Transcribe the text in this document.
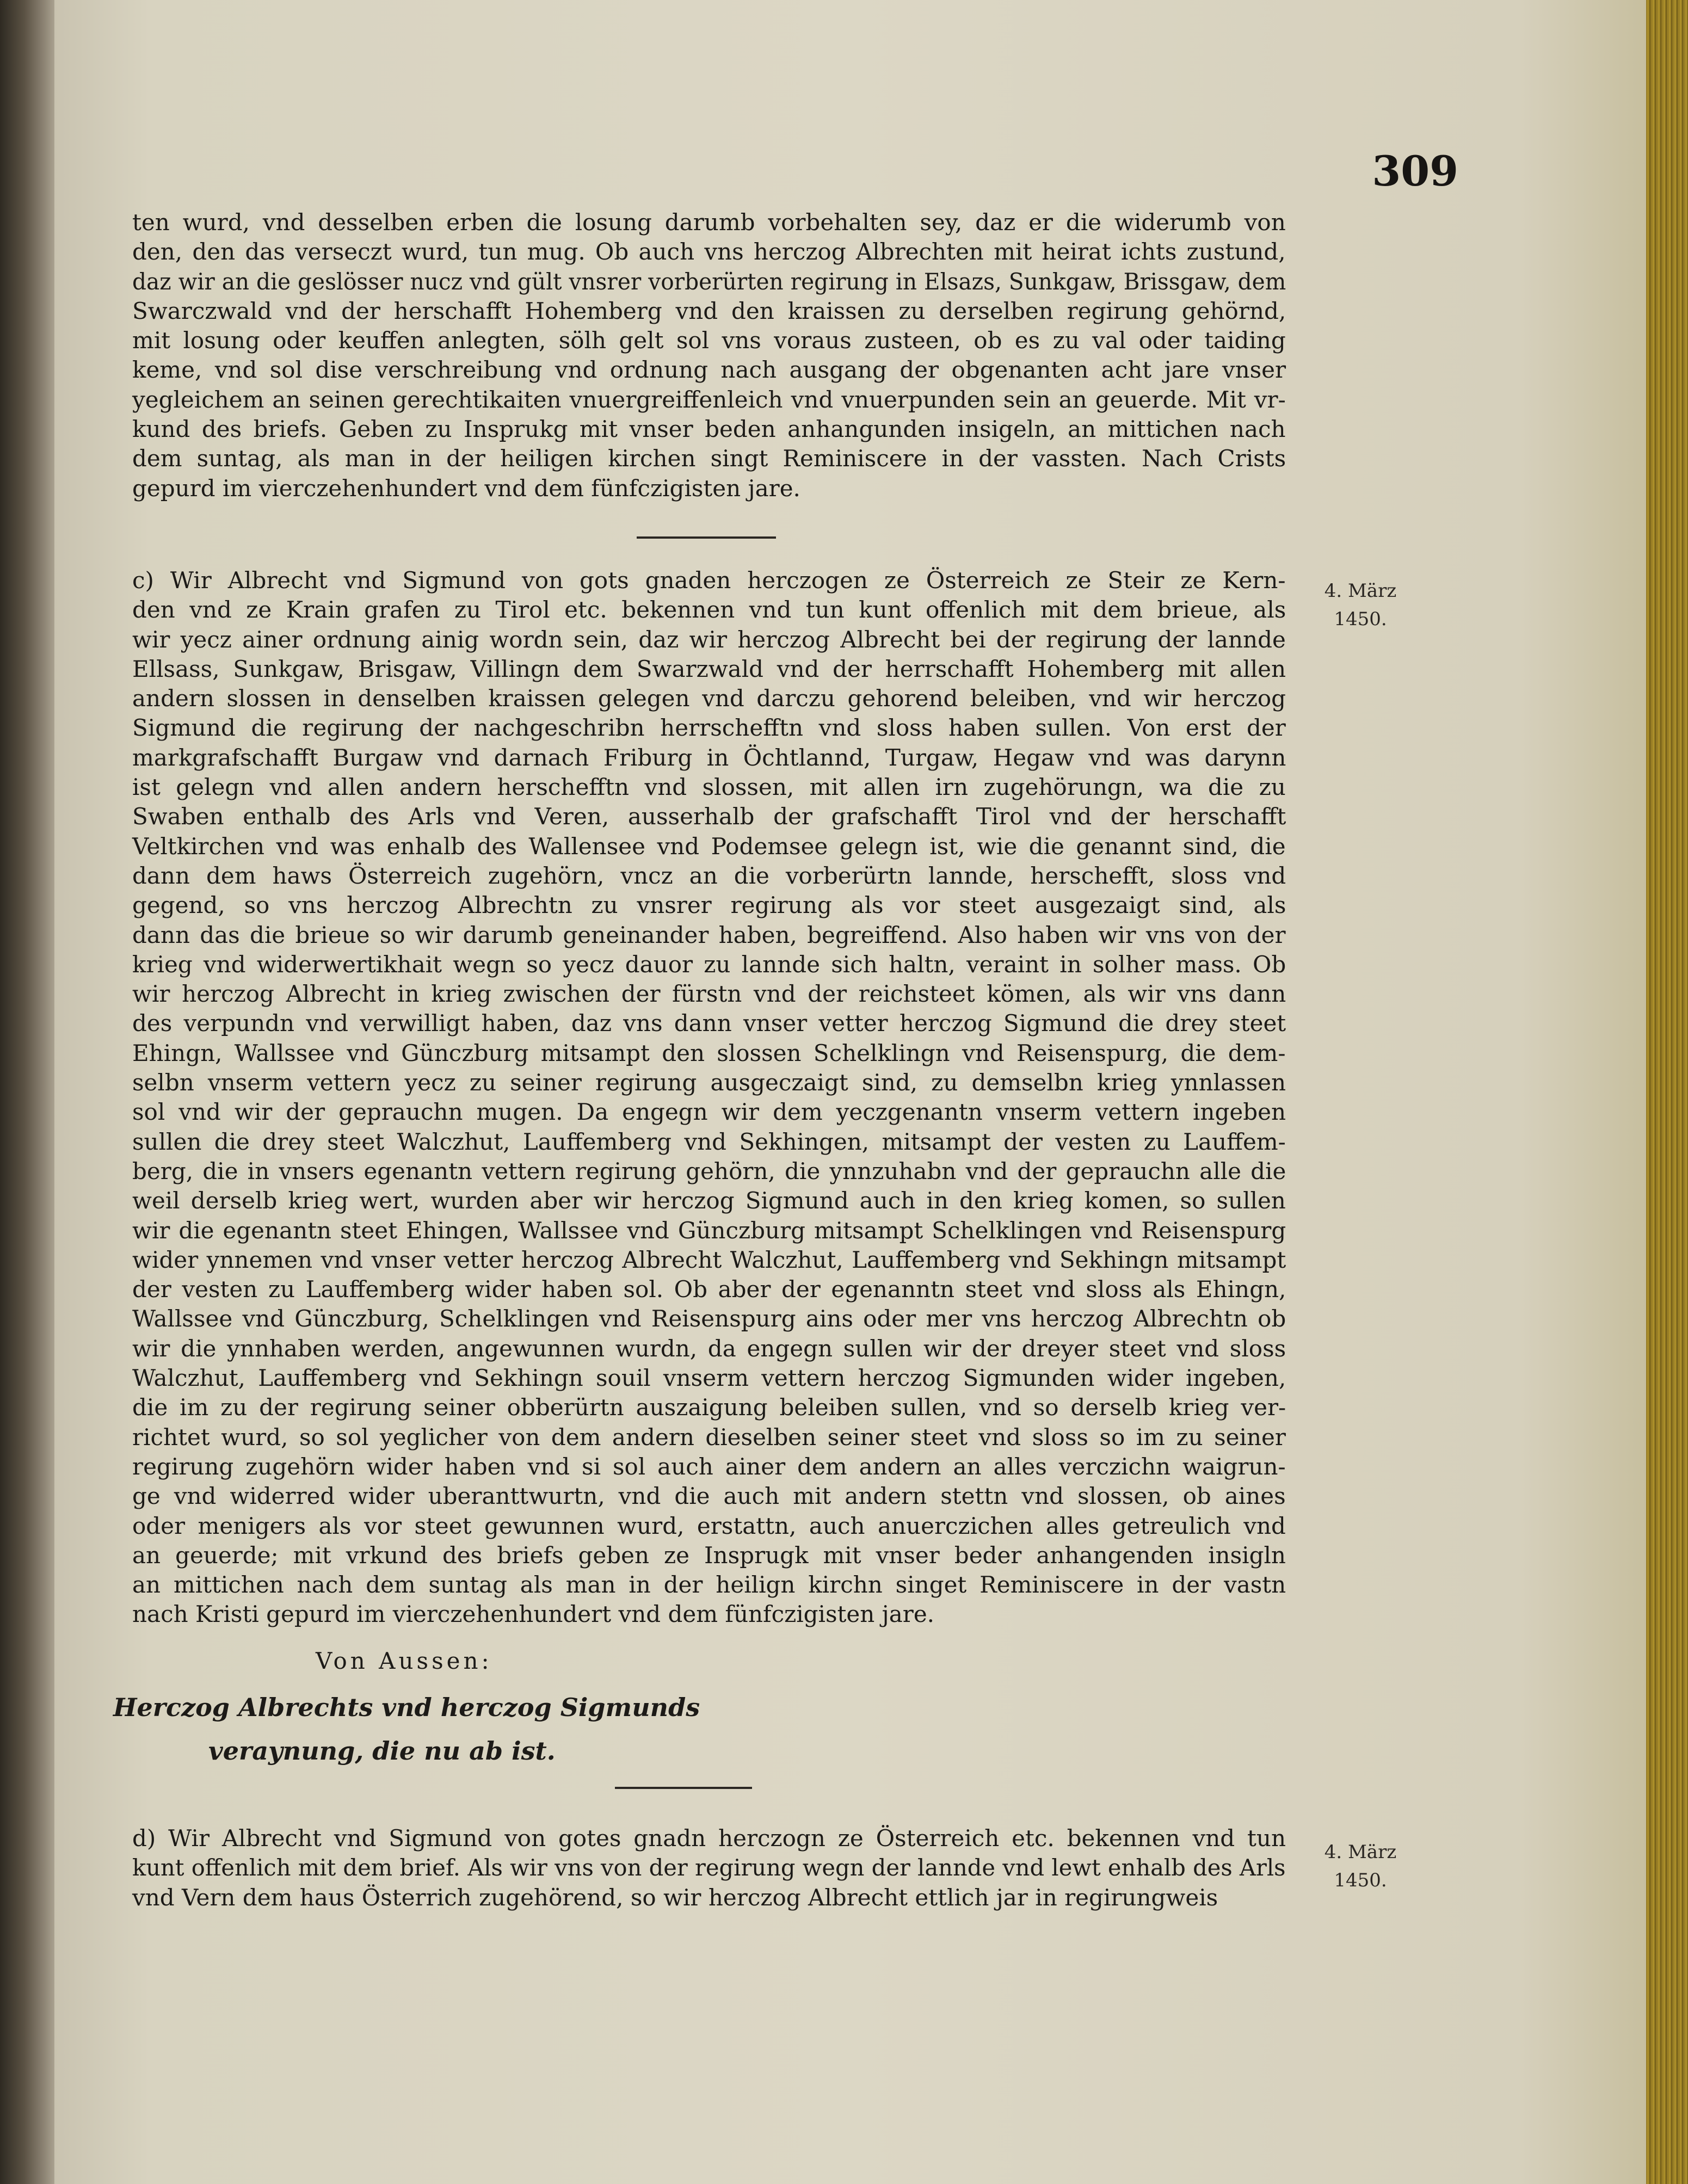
309
ten wurd, vnd desselben erben die losung darumb vorbehalten sey, daz er die widerumb von
den, den das verseczt wurd, tun mug. Ob auch vns herczog Albrechten mit heirat ichts zustund,
daz wir an die geslösser nucz vnd gült vnsrer vorberürten regirung in Elsazs, Sunkgaw, Brissgaw, dem
Swarczwald vnd der herschafft Hohemberg vnd den kraissen zu derselben regirung gehörnd,
mit losung oder keuffen anlegten, sölh gelt sol vns voraus zusteen, ob es zu val oder taiding
keme, vnd sol dise verschreibung vnd ordnung nach ausgang der obgenanten acht jare vnser
yegleichem an seinen gerechtikaiten vnuergreiffenleich vnd vnuerpunden sein an geuerde. Mit vr-
kund des briefs. Geben zu Insprukg mit vnser beden anhangunden insigeln, an mittichen nach
dem suntag, als man in der heiligen kirchen singt Reminiscere in der vassten. Nach Crists
gepurd im vierczehenhundert vnd dem fünfczigisten jare.
c) Wir Albrecht vnd Sigmund von gots gnaden herczogen ze Österreich ze Steir ze Kern-
den vnd ze Krain grafen zu Tirol etc. bekennen vnd tun kunt offenlich mit dem brieue, als
wir yecz ainer ordnung ainig wordn sein, daz wir herczog Albrecht bei der regirung der lannde
Ellsass, Sunkgaw, Brisgaw, Villingn dem Swarzwald vnd der herrschafft Hohemberg mit allen
andern slossen in denselben kraissen gelegen vnd darczu gehorend beleiben, vnd wir herczog
Sigmund die regirung der nachgeschribn herrschefftn vnd sloss haben sullen. Von erst der
markgrafschafft Burgaw vnd darnach Friburg in Öchtlannd, Turgaw, Hegaw vnd was darynn
ist gelegn vnd allen andern herschefftn vnd slossen, mit allen irn zugehörungn, wa die zu
Swaben enthalb des Arls vnd Veren, ausserhalb der grafschafft Tirol vnd der herschafft
Veltkirchen vnd was enhalb des Wallensee vnd Podemsee gelegn ist, wie die genannt sind, die
dann dem haws Österreich zugehörn, vncz an die vorberürtn lannde, herschefft, sloss vnd
gegend, so vns herczog Albrechtn zu vnsrer regirung als vor steet ausgezaigt sind, als
dann das die brieue so wir darumb geneinander haben, begreiffend. Also haben wir vns von der
krieg vnd widerwertikhait wegn so yecz dauor zu lannde sich haltn, veraint in solher mass. Ob
wir herczog Albrecht in krieg zwischen der fürstn vnd der reichsteet kömen, als wir vns dann
des verpundn vnd verwilligt haben, daz vns dann vnser vetter herczog Sigmund die drey steet
Ehingn, Wallssee vnd Günczburg mitsampt den slossen Schelklingn vnd Reisenspurg, die dem-
selbn vnserm vettern yecz zu seiner regirung ausgeczaigt sind, zu demselbn krieg ynnlassen
sol vnd wir der geprauchn mugen. Da engegn wir dem yeczgenantn vnserm vettern ingeben
sullen die drey steet Walczhut, Lauffemberg vnd Sekhingen, mitsampt der vesten zu Lauffem-
berg, die in vnsers egenantn vettern regirung gehörn, die ynnzuhabn vnd der geprauchn alle die
weil derselb krieg wert, wurden aber wir herczog Sigmund auch in den krieg komen, so sullen
wir die egenantn steet Ehingen, Wallssee vnd Günczburg mitsampt Schelklingen vnd Reisenspurg
wider ynnemen vnd vnser vetter herczog Albrecht Walczhut, Lauffemberg vnd Sekhingn mitsampt
der vesten zu Lauffemberg wider haben sol. Ob aber der egenanntn steet vnd sloss als Ehingn,
Wallssee vnd Günczburg, Schelklingen vnd Reisenspurg ains oder mer vns herczog Albrechtn ob
wir die ynnhaben werden, angewunnen wurdn, da engegn sullen wir der dreyer steet vnd sloss
Walczhut, Lauffemberg vnd Sekhingn souil vnserm vettern herczog Sigmunden wider ingeben,
die im zu der regirung seiner obberürtn auszaigung beleiben sullen, vnd so derselb krieg ver-
richtet wurd, so sol yeglicher von dem andern dieselben seiner steet vnd sloss so im zu seiner
regirung zugehörn wider haben vnd si sol auch ainer dem andern an alles verczichn waigrun-
ge vnd widerred wider uberanttwurtn, vnd die auch mit andern stettn vnd slossen, ob aines
oder menigers als vor steet gewunnen wurd, erstattn, auch anuerczichen alles getreulich vnd
an geuerde; mit vrkund des briefs geben ze Insprugk mit vnser beder anhangenden insigln
an mittichen nach dem suntag als man in der heilign kirchn singet Reminiscere in der vastn
nach Kristi gepurd im vierczehenhundert vnd dem fünfczigisten jare.
4. März
1450.
Von Aussen:
Herczog Albrechts vnd herczog Sigmunds
veraynung, die nu ab ist.
d) Wir Albrecht vnd Sigmund von gotes gnadn herczogn ze Österreich etc. bekennen vnd tun
kunt offenlich mit dem brief. Als wir vns von der regirung wegn der lannde vnd lewt enhalb des Arls
vnd Vern dem haus Österrich zugehörend, so wir herczog Albrecht ettlich jar in regirungweis
4. März
1450.
